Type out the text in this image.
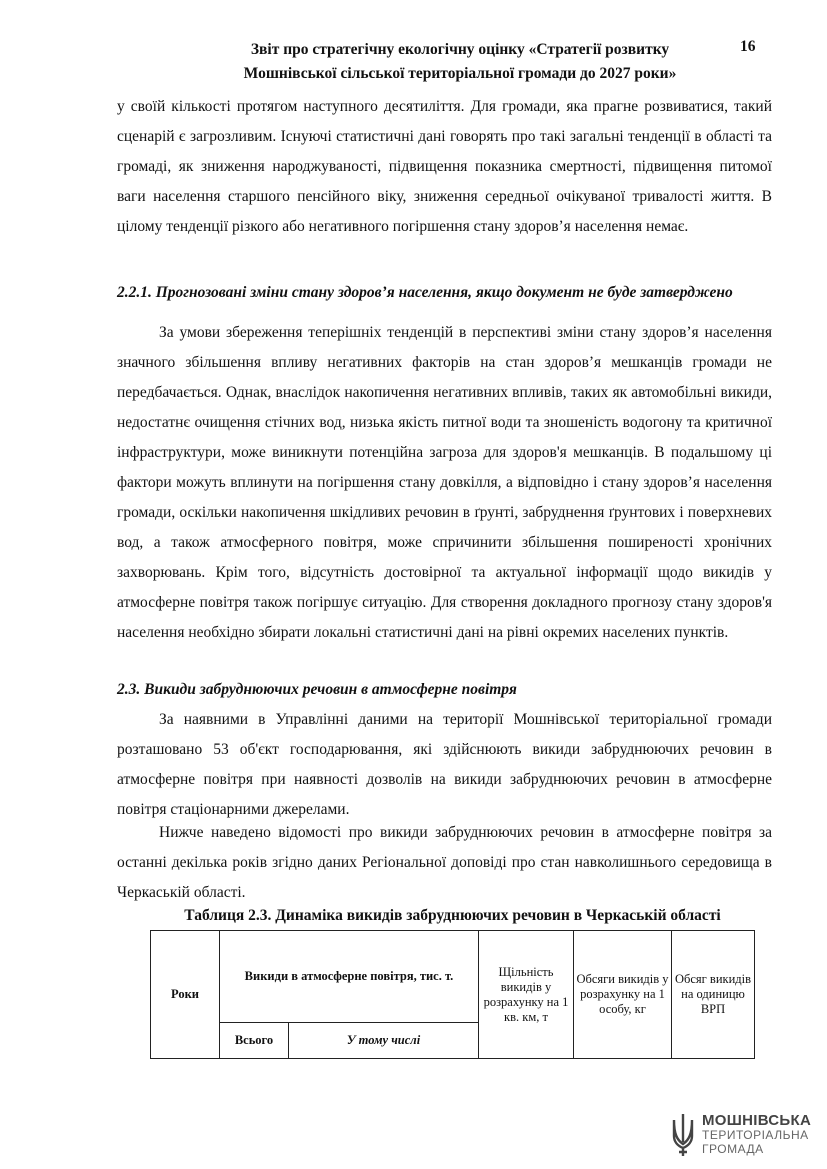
Звіт про стратегічну екологічну оцінку «Стратегії розвитку
Мошнівської сільської територіальної громади до 2027 роки»
16

у своїй кількості протягом наступного десятиліття. Для громади, яка прагне розвиватися, такий сценарій є загрозливим. Існуючі статистичні дані говорять про такі загальні тенденції в області та громаді, як зниження народжуваності, підвищення показника смертності, підвищення питомої ваги населення старшого пенсійного віку, зниження середньої очікуваної тривалості життя. В цілому тенденції різкого або негативного погіршення стану здоров’я населення немає.

2.2.1. Прогнозовані зміни стану здоров’я населення, якщо документ не буде затверджено

За умови збереження теперішніх тенденцій в перспективі зміни стану здоров’я населення значного збільшення впливу негативних факторів на стан здоров’я мешканців громади не передбачається. Однак, внаслідок накопичення негативних впливів, таких як автомобільні викиди, недостатнє очищення стічних вод, низька якість питної води та зношеність водогону та критичної інфраструктури, може виникнути потенційна загроза для здоров'я мешканців. В подальшому ці фактори можуть вплинути на погіршення стану довкілля, а відповідно і стану здоров’я населення громади, оскільки накопичення шкідливих речовин в ґрунті, забруднення ґрунтових і поверхневих вод, а також атмосферного повітря, може спричинити збільшення поширеності хронічних захворювань. Крім того, відсутність достовірної та актуальної інформації щодо викидів у атмосферне повітря також погіршує ситуацію. Для створення докладного прогнозу стану здоров'я населення необхідно збирати локальні статистичні дані на рівні окремих населених пунктів.

2.3. Викиди забруднюючих речовин в атмосферне повітря

За наявними в Управлінні даними на території Мошнівської територіальної громади розташовано 53 об'єкт господарювання, які здійснюють викиди забруднюючих речовин в атмосферне повітря при наявності дозволів на викиди забруднюючих речовин в атмосферне повітря стаціонарними джерелами.

Нижче наведено відомості про викиди забруднюючих речовин в атмосферне повітря за останні декілька років згідно даних Регіональної доповіді про стан навколишнього середовища в Черкаській області.

Таблиця 2.3. Динаміка викидів забруднюючих речовин в Черкаській області
Роки	Викиди в атмосферне повітря, тис. т.		Щільність викидів у розрахунку на 1 кв. км, т	Обсяги викидів у розрахунку на 1 особу, кг	Обсяг викидів на одиницю ВРП
	Всього	У тому числі			
МОШНІВСЬКА
ТЕРИТОРІАЛЬНА
ГРОМАДА
